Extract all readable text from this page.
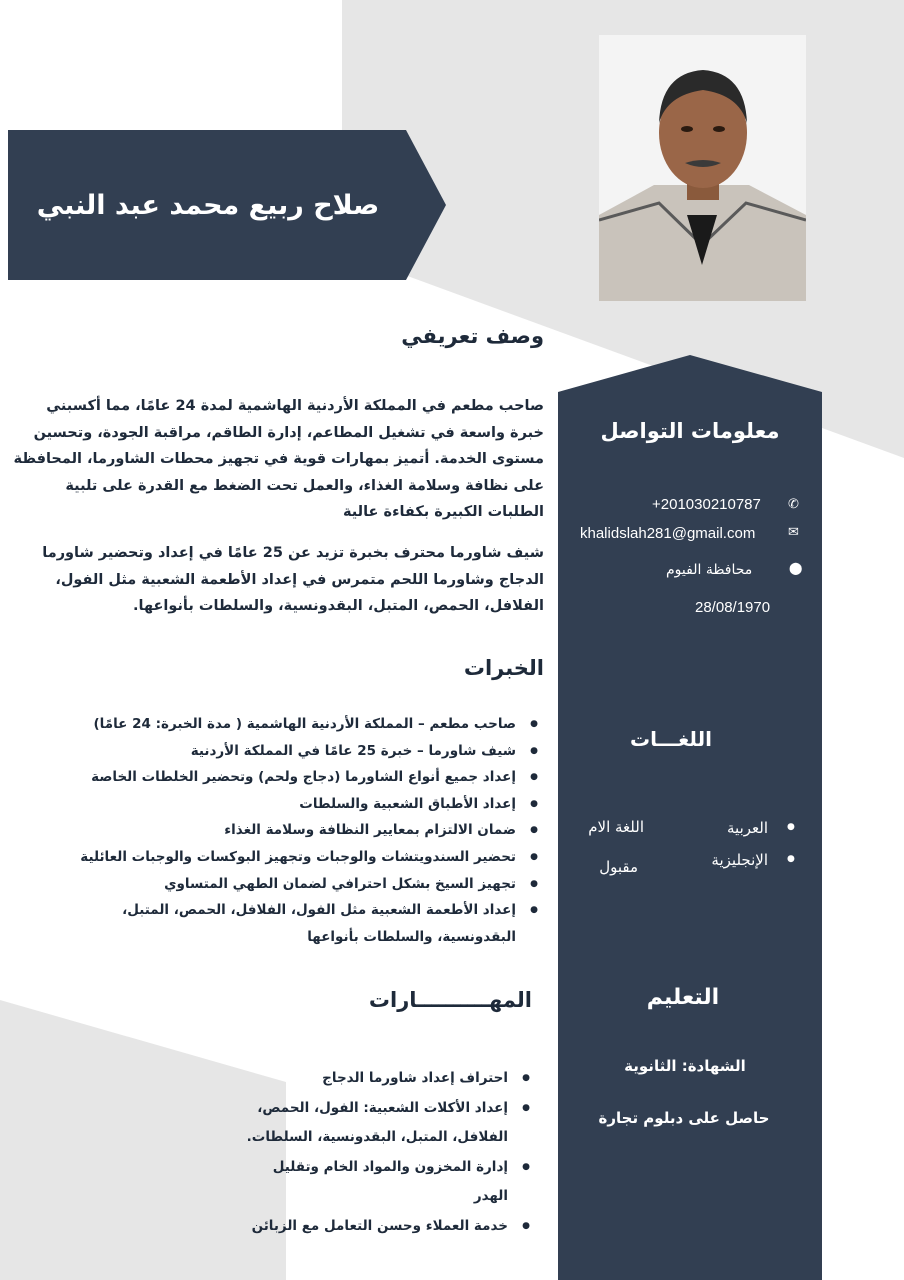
صلاح ربيع محمد عبد النبي
وصف تعريفي
صاحب مطعم في المملكة الأردنية الهاشمية لمدة 24 عامًا، مما أكسبني خبرة واسعة في تشغيل المطاعم، إدارة الطاقم، مراقبة الجودة، وتحسين مستوى الخدمة. أتميز بمهارات قوية في تجهيز محطات الشاورما، المحافظة على نظافة وسلامة الغذاء، والعمل تحت الضغط مع القدرة على تلبية الطلبات الكبيرة بكفاءة عالية
شيف شاورما محترف بخبرة تزيد عن 25 عامًا في إعداد وتحضير شاورما الدجاج وشاورما اللحم متمرس في إعداد الأطعمة الشعبية مثل الفول، الفلافل، الحمص، المتبل، البقدونسية، والسلطات بأنواعها.
الخبرات
● صاحب مطعم – المملكة الأردنية الهاشمية ( مدة الخبرة: 24 عامًا)
● شيف شاورما – خبرة 25 عامًا في المملكة الأردنية
● إعداد جميع أنواع الشاورما (دجاج ولحم) وتحضير الخلطات الخاصة
● إعداد الأطباق الشعبية والسلطات
● ضمان الالتزام بمعايير النظافة وسلامة الغذاء
● تحضير السندويتشات والوجبات وتجهيز البوكسات والوجبات العائلية
● تجهيز السيخ بشكل احترافي لضمان الطهي المتساوي
● إعداد الأطعمة الشعبية مثل الفول، الفلافل، الحمص، المتبل، البقدونسية، والسلطات بأنواعها
المهــــــــــارات
● احتراف إعداد شاورما الدجاج
● إعداد الأكلات الشعبية: الفول، الحمص، الفلافل، المتبل، البقدونسية، السلطات.
● إدارة المخزون والمواد الخام وتقليل الهدر
● خدمة العملاء وحسن التعامل مع الزبائن
معلومات التواصل
✆
+201030210787
✉
khalidslah281@gmail.com
⬤
محافظة الفيوم
28/08/1970
اللغـــات
●
العربية
اللغة الام
●
الإنجليزية
مقبول
التعليم
الشهادة: الثانوية
حاصل على دبلوم تجارة
